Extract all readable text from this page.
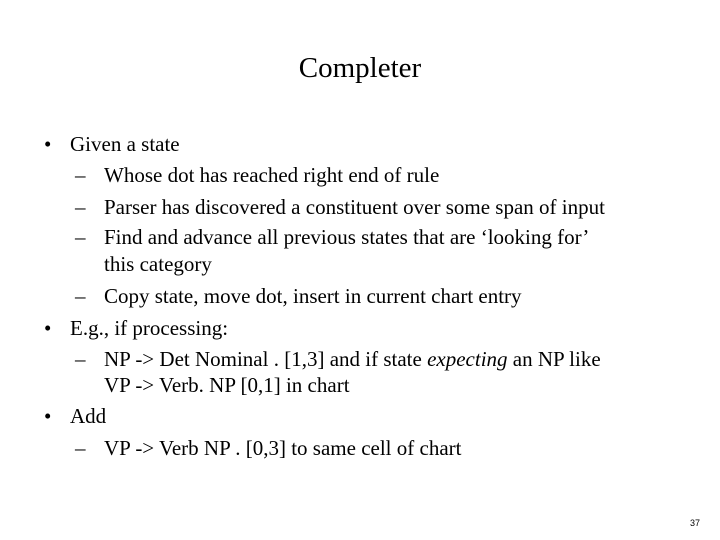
Completer
• Given a state
– Whose dot has reached right end of rule
– Parser has discovered a constituent over some span of input
– Find and advance all previous states that are ‘looking for’
this category
– Copy state, move dot, insert in current chart entry
• E.g., if processing:
– NP -> Det Nominal . [1,3] and if state expecting an NP like
VP -> Verb. NP [0,1] in chart
• Add
– VP -> Verb NP . [0,3] to same cell of chart
37
